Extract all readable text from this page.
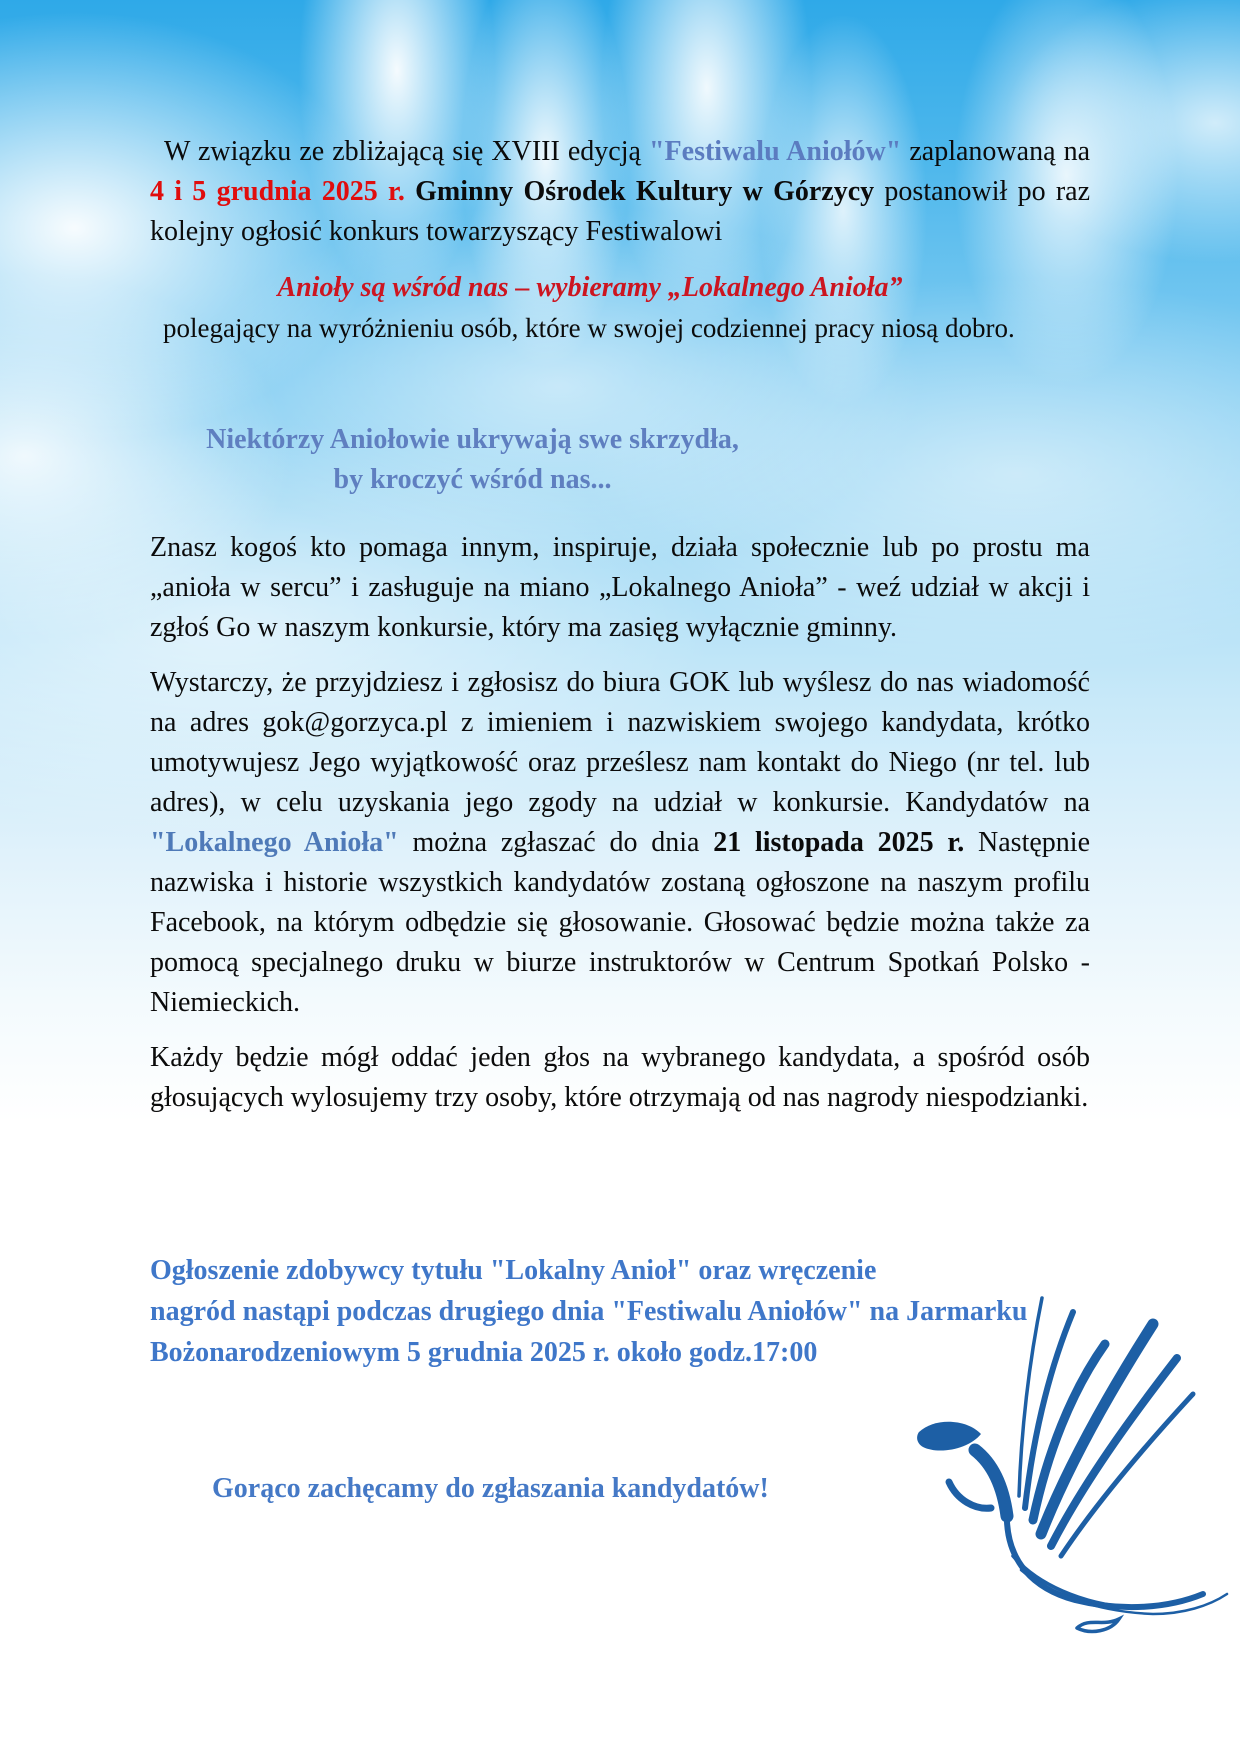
W związku ze zbliżającą się XVIII edycją "Festiwalu Aniołów" zaplanowaną na 4 i 5 grudnia 2025 r. Gminny Ośrodek Kultury w Górzycy postanowił po raz kolejny ogłosić konkurs towarzyszący Festiwalowi

Anioły są wśród nas – wybieramy „Lokalnego Anioła”

polegający na wyróżnieniu osób, które w swojej codziennej pracy niosą dobro.

Niektórzy Aniołowie ukrywają swe skrzydła,
by kroczyć wśród nas...

Znasz kogoś kto pomaga innym, inspiruje, działa społecznie lub po prostu ma „anioła w sercu” i zasługuje na miano „Lokalnego Anioła” - weź udział w akcji i zgłoś Go w naszym konkursie, który ma zasięg wyłącznie gminny.

Wystarczy, że przyjdziesz i zgłosisz do biura GOK lub wyślesz do nas wiadomość na adres gok@gorzyca.pl z imieniem i nazwiskiem swojego kandydata, krótko umotywujesz Jego wyjątkowość oraz prześlesz nam kontakt do Niego (nr tel. lub adres), w celu uzyskania jego zgody na udział w konkursie. Kandydatów na "Lokalnego Anioła" można zgłaszać do dnia 21 listopada 2025 r. Następnie nazwiska i historie wszystkich kandydatów zostaną ogłoszone na naszym profilu Facebook, na którym odbędzie się głosowanie. Głosować będzie można także za pomocą specjalnego druku w biurze instruktorów w Centrum Spotkań Polsko - Niemieckich.

Każdy będzie mógł oddać jeden głos na wybranego kandydata, a spośród osób głosujących wylosujemy trzy osoby, które otrzymają od nas nagrody niespodzianki.

Ogłoszenie zdobywcy tytułu "Lokalny Anioł" oraz wręczenie
nagród nastąpi podczas drugiego dnia "Festiwalu Aniołów" na Jarmarku
Bożonarodzeniowym 5 grudnia 2025 r. około godz.17:00
Gorąco zachęcamy do zgłaszania kandydatów!
